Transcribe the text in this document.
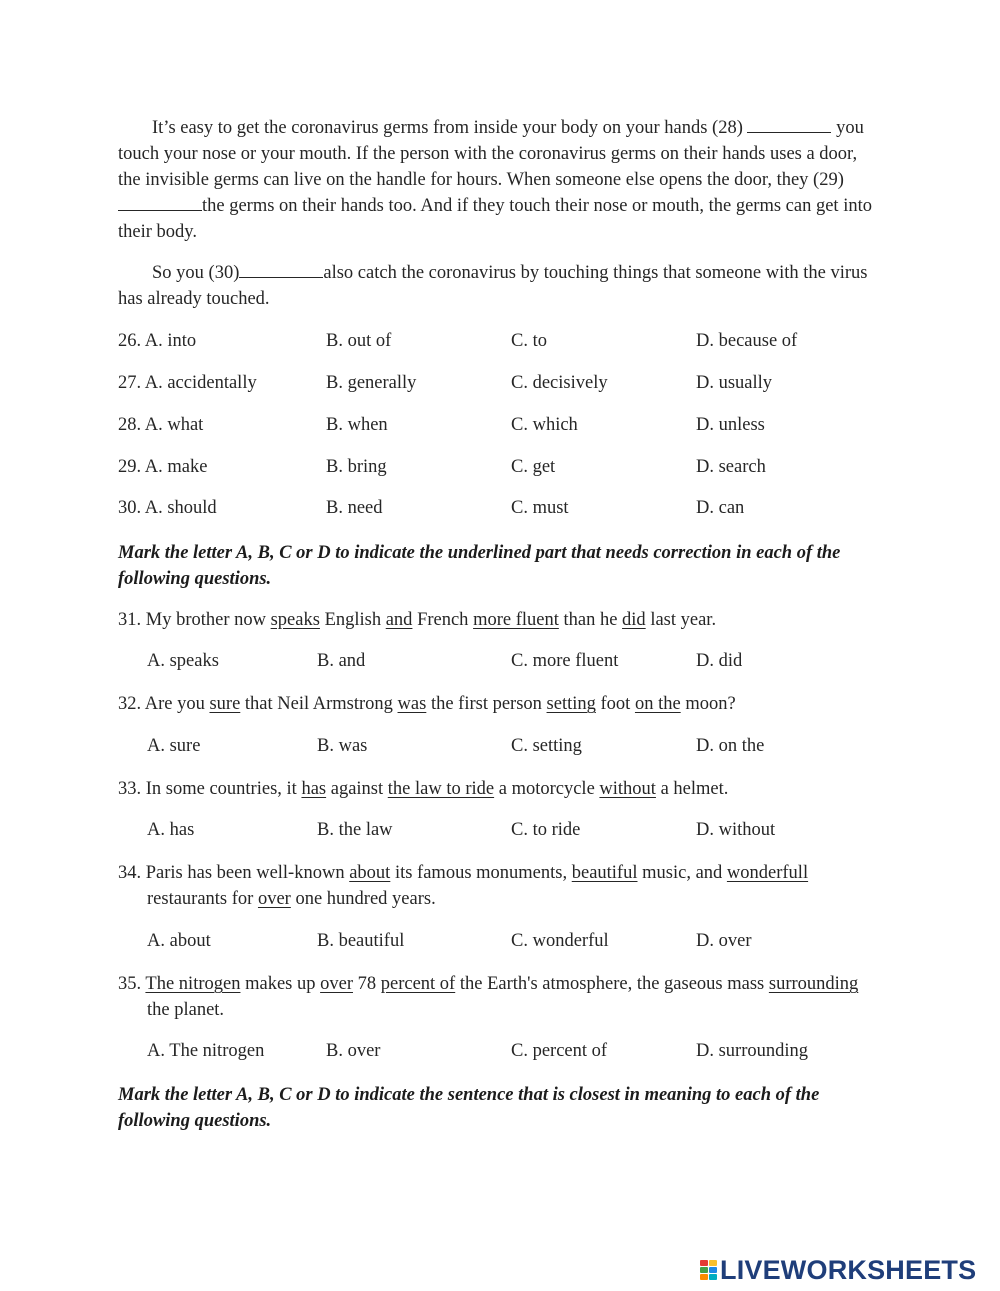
It’s easy to get the coronavirus germs from inside your body on your hands (28)	you touch your nose or your mouth. If the person with the coronavirus germs on their hands uses a door, the invisible germs can live on the handle for hours. When someone else opens the door, they (29)the germs on their hands too. And if they touch their nose or mouth, the germs can get into their body.
So you (30)	also catch the coronavirus by touching things that someone with the virus has already touched.
26. A. into	B. out of	C. to	D. because of
27. A. accidentally	B. generally	C. decisively	D. usually
28. A. what	B. when	C. which	D. unless
29. A. make	B. bring	C. get	D. search
30. A. should	B. need	C. must	D. can
Mark the letter A, B, C or D to indicate the underlined part that needs correction in each of the following questions.
31. My brother now speaks English and French more fluent than he did last year.
A. speaks	B. and	C. more fluent	D. did
32. Are you sure that Neil Armstrong was the first person setting foot on the moon?
A. sure	B. was	C. setting	D. on the
33. In some countries, it has against the law to ride a motorcycle without a helmet.
A. has	B. the law	C. to ride	D. without
34. Paris has been well-known about its famous monuments, beautiful music, and wonderfull restaurants for over one hundred years.
A. about	B. beautiful	C. wonderful	D. over
35. The nitrogen makes up over 78 percent of the Earth's atmosphere, the gaseous mass surrounding the planet.
A. The nitrogen	B. over	C. percent of	D. surrounding
Mark the letter A, B, C or D to indicate the sentence that is closest in meaning to each of the following questions.
LIVEWORKSHEETS
